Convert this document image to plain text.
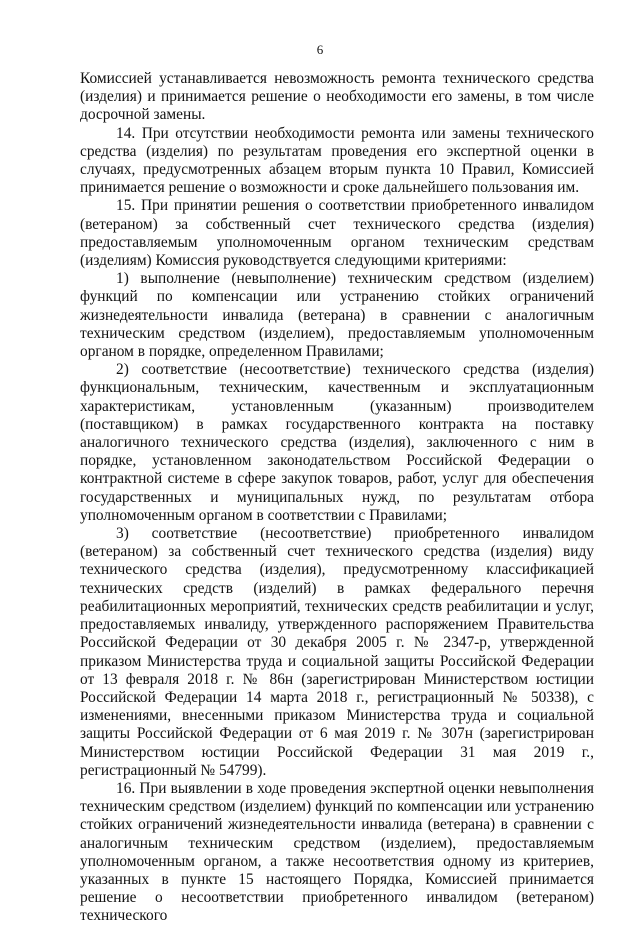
6

Комиссией устанавливается невозможность ремонта технического средства (изделия) и принимается решение о необходимости его замены, в том числе досрочной замены.

14. При отсутствии необходимости ремонта или замены технического средства (изделия) по результатам проведения его экспертной оценки в случаях, предусмотренных абзацем вторым пункта 10 Правил, Комиссией принимается решение о возможности и сроке дальнейшего пользования им.

15. При принятии решения о соответствии приобретенного инвалидом (ветераном) за собственный счет технического средства (изделия) предоставляемым уполномоченным органом техническим средствам (изделиям) Комиссия руководствуется следующими критериями:

1) выполнение (невыполнение) техническим средством (изделием) функций по компенсации или устранению стойких ограничений жизнедеятельности инвалида (ветерана) в сравнении с аналогичным техническим средством (изделием), предоставляемым уполномоченным органом в порядке, определенном Правилами;

2) соответствие (несоответствие) технического средства (изделия) функциональным, техническим, качественным и эксплуатационным характеристикам, установленным (указанным) производителем (поставщиком) в рамках государственного контракта на поставку аналогичного технического средства (изделия), заключенного с ним в порядке, установленном законодательством Российской Федерации о контрактной системе в сфере закупок товаров, работ, услуг для обеспечения государственных и муниципальных нужд, по результатам отбора уполномоченным органом в соответствии с Правилами;

3) соответствие (несоответствие) приобретенного инвалидом (ветераном) за собственный счет технического средства (изделия) виду технического средства (изделия), предусмотренному классификацией технических средств (изделий) в рамках федерального перечня реабилитационных мероприятий, технических средств реабилитации и услуг, предоставляемых инвалиду, утвержденного распоряжением Правительства Российской Федерации от 30 декабря 2005 г. № 2347-р, утвержденной приказом Министерства труда и социальной защиты Российской Федерации от 13 февраля 2018 г. № 86н (зарегистрирован Министерством юстиции Российской Федерации 14 марта 2018 г., регистрационный № 50338), с изменениями, внесенными приказом Министерства труда и социальной защиты Российской Федерации от 6 мая 2019 г. № 307н (зарегистрирован Министерством юстиции Российской Федерации 31 мая 2019 г., регистрационный № 54799).

16. При выявлении в ходе проведения экспертной оценки невыполнения техническим средством (изделием) функций по компенсации или устранению стойких ограничений жизнедеятельности инвалида (ветерана) в сравнении с аналогичным техническим средством (изделием), предоставляемым уполномоченным органом, а также несоответствия одному из критериев, указанных в пункте 15 настоящего Порядка, Комиссией принимается решение о несоответствии приобретенного инвалидом (ветераном) технического
